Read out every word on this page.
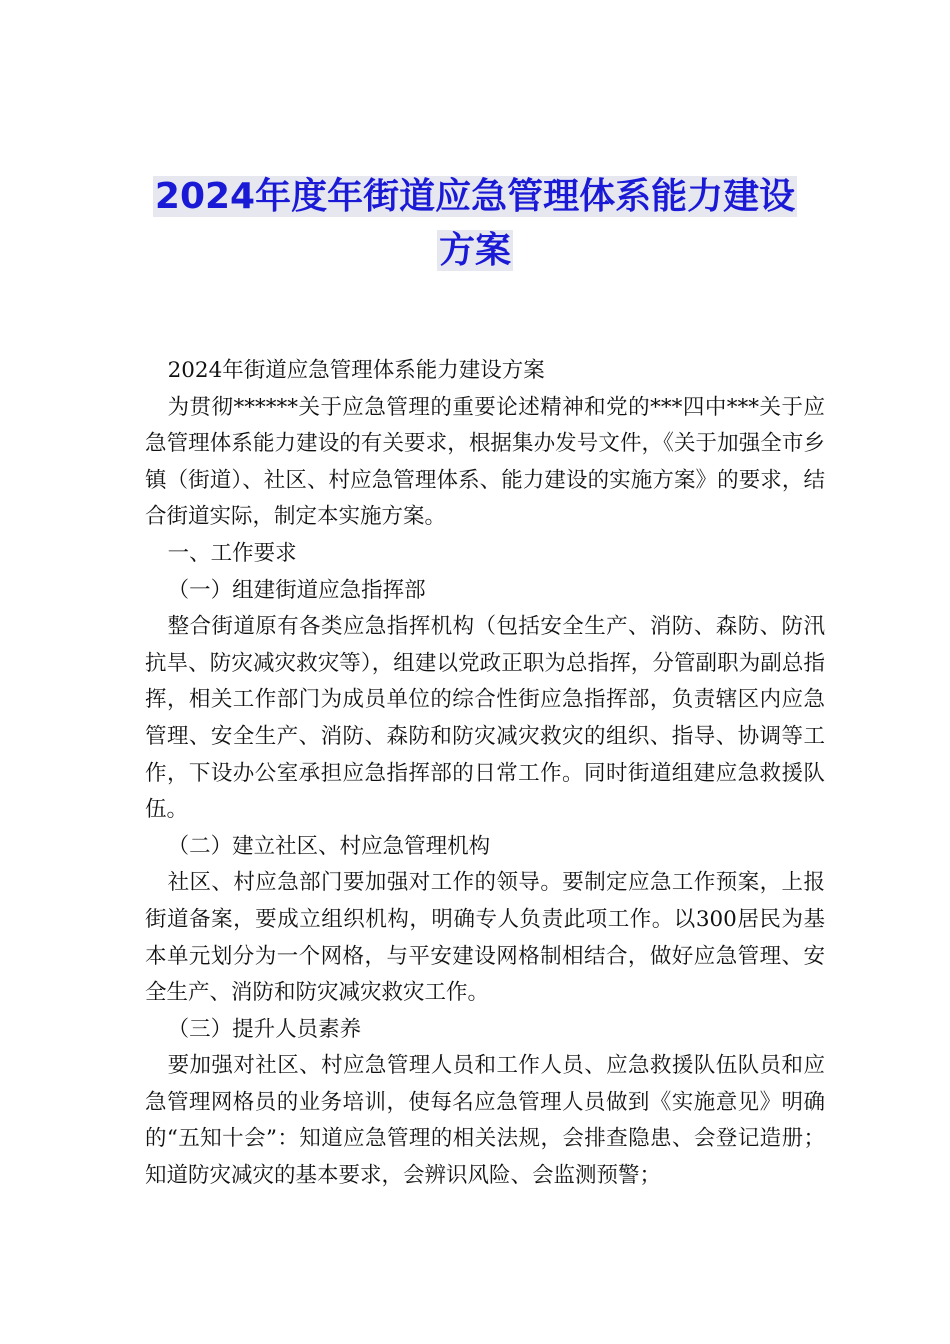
2024年度年街道应急管理体系能力建设
方案

2024年街道应急管理体系能力建设方案

为贯彻******关于应急管理的重要论述精神和党的***四中***关于应急管理体系能力建设的有关要求，根据集办发号文件，《关于加强全市乡镇（街道）、社区、村应急管理体系、能力建设的实施方案》的要求，结合街道实际，制定本实施方案。

一、工作要求

（一）组建街道应急指挥部

整合街道原有各类应急指挥机构（包括安全生产、消防、森防、防汛抗旱、防灾减灾救灾等），组建以党政正职为总指挥，分管副职为副总指挥，相关工作部门为成员单位的综合性街应急指挥部，负责辖区内应急管理、安全生产、消防、森防和防灾减灾救灾的组织、指导、协调等工作，下设办公室承担应急指挥部的日常工作。同时街道组建应急救援队伍。

（二）建立社区、村应急管理机构

社区、村应急部门要加强对工作的领导。要制定应急工作预案，上报街道备案，要成立组织机构，明确专人负责此项工作。以300居民为基本单元划分为一个网格，与平安建设网格制相结合，做好应急管理、安全生产、消防和防灾减灾救灾工作。

（三）提升人员素养

要加强对社区、村应急管理人员和工作人员、应急救援队伍队员和应急管理网格员的业务培训，使每名应急管理人员做到《实施意见》明确的“五知十会”：知道应急管理的相关法规，会排查隐患、会登记造册；知道防灾减灾的基本要求，会辨识风险、会监测预警；
